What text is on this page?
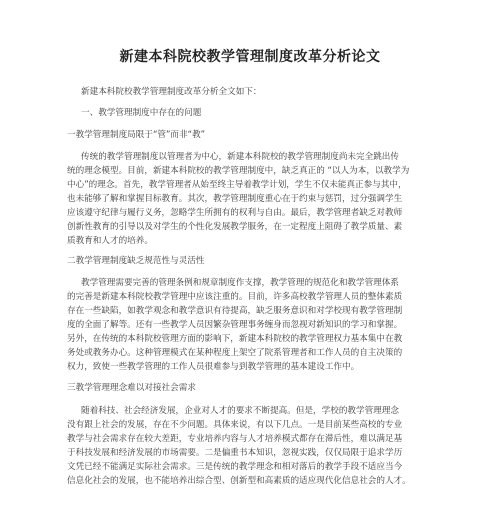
新建本科院校教学管理制度改革分析论文

新建本科院校教学管理制度改革分析全文如下：

一、教学管理制度中存在的问题

一教学管理制度局限于“管”而非“教”

传统的教学管理制度以管理者为中心，新建本科院校的教学管理制度尚未完全跳出传

统的理念模型。目前，新建本科院校的教学管理制度中，缺乏真正的 “以人为本，以教学为

中心”的理念。首先，教学管理者从始至终主导着教学计划，学生不仅未能真正参与其中，

也未能够了解和掌握目标教育。其次，教学管理制度重心在于约束与惩罚，过分强调学生

应该遵守纪律与履行义务，忽略学生所拥有的权利与自由。最后，教学管理者缺乏对教师

创新性教育的引导以及对学生的个性化发展教学服务，在一定程度上阻碍了教学质量、素

质教育和人才的培养。

二教学管理制度缺乏规范性与灵活性

教学管理需要完善的管理条例和规章制度作支撑，教学管理的规范化和教学管理体系

的完善是新建本科院校教学管理中应该注重的。目前，许多高校教学管理人员的整体素质

存在一些缺陷，如教学观念和教学意识有待提高，缺乏服务意识和对学校现有教学管理制

度的全面了解等。还有一些教学人员因繁杂管理事务缠身而忽视对新知识的学习和掌握。

另外，在传统的本科院校管理方面的影响下，新建本科院校的教学管理权力基本集中在教

务处或教务办心。这种管理模式在某种程度上架空了院系管理者和工作人员的自主决策的

权力，致使一些教学管理的工作人员很难参与到教学管理的基本建设工作中。

三教学管理理念难以对接社会需求

随着科技、社会经济发展，企业对人才的要求不断提高。但是，学校的教学管理理念

没有跟上社会的发展，存在不少问题。具体来说，有以下几点。一是目前某些高校的专业

教学与社会需求存在较大差距，专业培养内容与人才培养模式都存在滞后性，难以满足基

于科技发展和经济发展的市场需要。二是偏重书本知识，忽视实践，仅仅局限于追求学历

文凭已经不能满足实际社会需求。三是传统的教学理念和相对落后的教学手段不适应当今

信息化社会的发展，也不能培养出综合型、创新型和高素质的适应现代化信息社会的人才。
